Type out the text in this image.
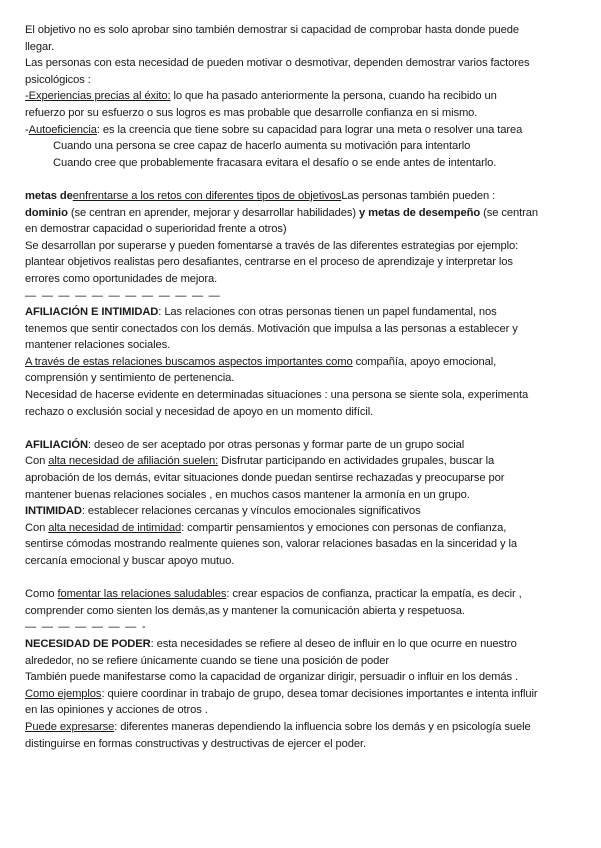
El objetivo no es solo aprobar sino también demostrar si capacidad de comprobar hasta donde puede

llegar.

Las personas con esta necesidad de pueden motivar o desmotivar, dependen demostrar varios factores

psicológicos :

-Experiencias precias al éxito: lo que ha pasado anteriormente la persona, cuando ha recibido un

refuerzo por su esfuerzo o sus logros es mas probable que desarrolle confianza en si mismo.

-Autoeficiencia: es la creencia que tiene sobre su capacidad para lograr una meta o resolver una tarea

Cuando una persona se cree capaz de hacerlo aumenta su motivación para intentarlo

Cuando cree que probablemente fracasara evitara el desafío o se ende antes de intentarlo.

metas deenfrentarse a los retos con diferentes tipos de objetivosLas personas también pueden :

dominio (se centran en aprender, mejorar y desarrollar habilidades) y metas de desempeño (se centran

en demostrar capacidad o superioridad frente a otros)

Se desarrollan por superarse y pueden fomentarse a través de las diferentes estrategias por ejemplo:

plantear objetivos realistas pero desafiantes, centrarse en el proceso de aprendizaje y interpretar los

errores como oportunidades de mejora.

— — — — — — — — — — — —

AFILIACIÓN E INTIMIDAD: Las relaciones con otras personas tienen un papel fundamental, nos

tenemos que sentir conectados con los demás. Motivación que impulsa a las personas a establecer y

mantener relaciones sociales.

A través de estas relaciones buscamos aspectos importantes como compañía, apoyo emocional,

comprensión y sentimiento de pertenencia.

Necesidad de hacerse evidente en determinadas situaciones : una persona se siente sola, experimenta

rechazo o exclusión social y necesidad de apoyo en un momento difícil.

AFILIACIÓN: deseo de ser aceptado por otras personas y formar parte de un grupo social

Con alta necesidad de afiliación suelen: Disfrutar participando en actividades grupales, buscar la

aprobación de los demás, evitar situaciones donde puedan sentirse rechazadas y preocuparse por

mantener buenas relaciones sociales , en muchos casos mantener la armonía en un grupo.

INTIMIDAD: establecer relaciones cercanas y vínculos emocionales significativos

Con alta necesidad de intimidad: compartir pensamientos y emociones con personas de confianza,

sentirse cómodas mostrando realmente quienes son, valorar relaciones basadas en la sinceridad y la

cercanía emocional y buscar apoyo mutuo.

Como fomentar las relaciones saludables: crear espacios de confianza, practicar la empatía, es decir ,

comprender como sienten los demás,as y mantener la comunicación abierta y respetuosa.

— — — — — — — -

NECESIDAD DE PODER: esta necesidades se refiere al deseo de influir en lo que ocurre en nuestro

alrededor, no se refiere únicamente cuando se tiene una posición de poder

También puede manifestarse como la capacidad de organizar dirigir, persuadir o influir en los demás .

Como ejemplos: quiere coordinar in trabajo de grupo, desea tomar decisiones importantes e intenta influir

en las opiniones y acciones de otros .

Puede expresarse: diferentes maneras dependiendo la influencia sobre los demás y en psicología suele

distinguirse en formas constructivas y destructivas de ejercer el poder.
